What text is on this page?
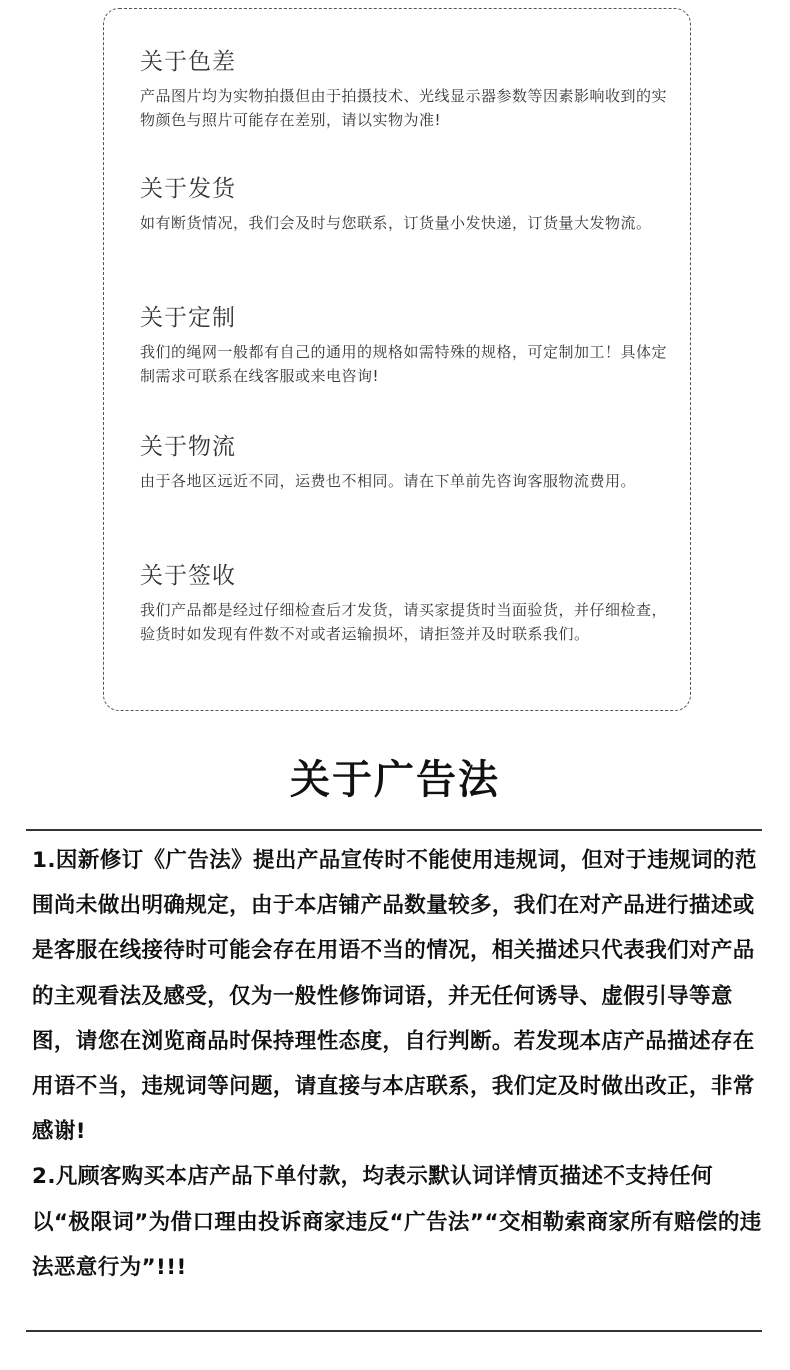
关于色差

产品图片均为实物拍摄但由于拍摄技术、光线显示器参数等因素影响收到的实物颜色与照片可能存在差别，请以实物为准!

关于发货

如有断货情况，我们会及时与您联系，订货量小发快递，订货量大发物流。

关于定制

我们的绳网一般都有自己的通用的规格如需特殊的规格，可定制加工！具体定制需求可联系在线客服或来电咨询!

关于物流

由于各地区远近不同，运费也不相同。请在下单前先咨询客服物流费用。

关于签收

我们产品都是经过仔细检查后才发货，请买家提货时当面验货，并仔细检查，验货时如发现有件数不对或者运输损坏，请拒签并及时联系我们。

关于广告法

1.因新修订《广告法》提出产品宣传时不能使用违规词，但对于违规词的范围尚未做出明确规定，由于本店铺产品数量较多，我们在对产品进行描述或是客服在线接待时可能会存在用语不当的情况，相关描述只代表我们对产品的主观看法及感受，仅为一般性修饰词语，并无任何诱导、虚假引导等意图，请您在浏览商品时保持理性态度，自行判断。若发现本店产品描述存在用语不当，违规词等问题，请直接与本店联系，我们定及时做出改正，非常感谢!

2.凡顾客购买本店产品下单付款，均表示默认词详情页描述不支持任何以“极限词”为借口理由投诉商家违反“广告法”“交相勒索商家所有赔偿的违法恶意行为”!!!
